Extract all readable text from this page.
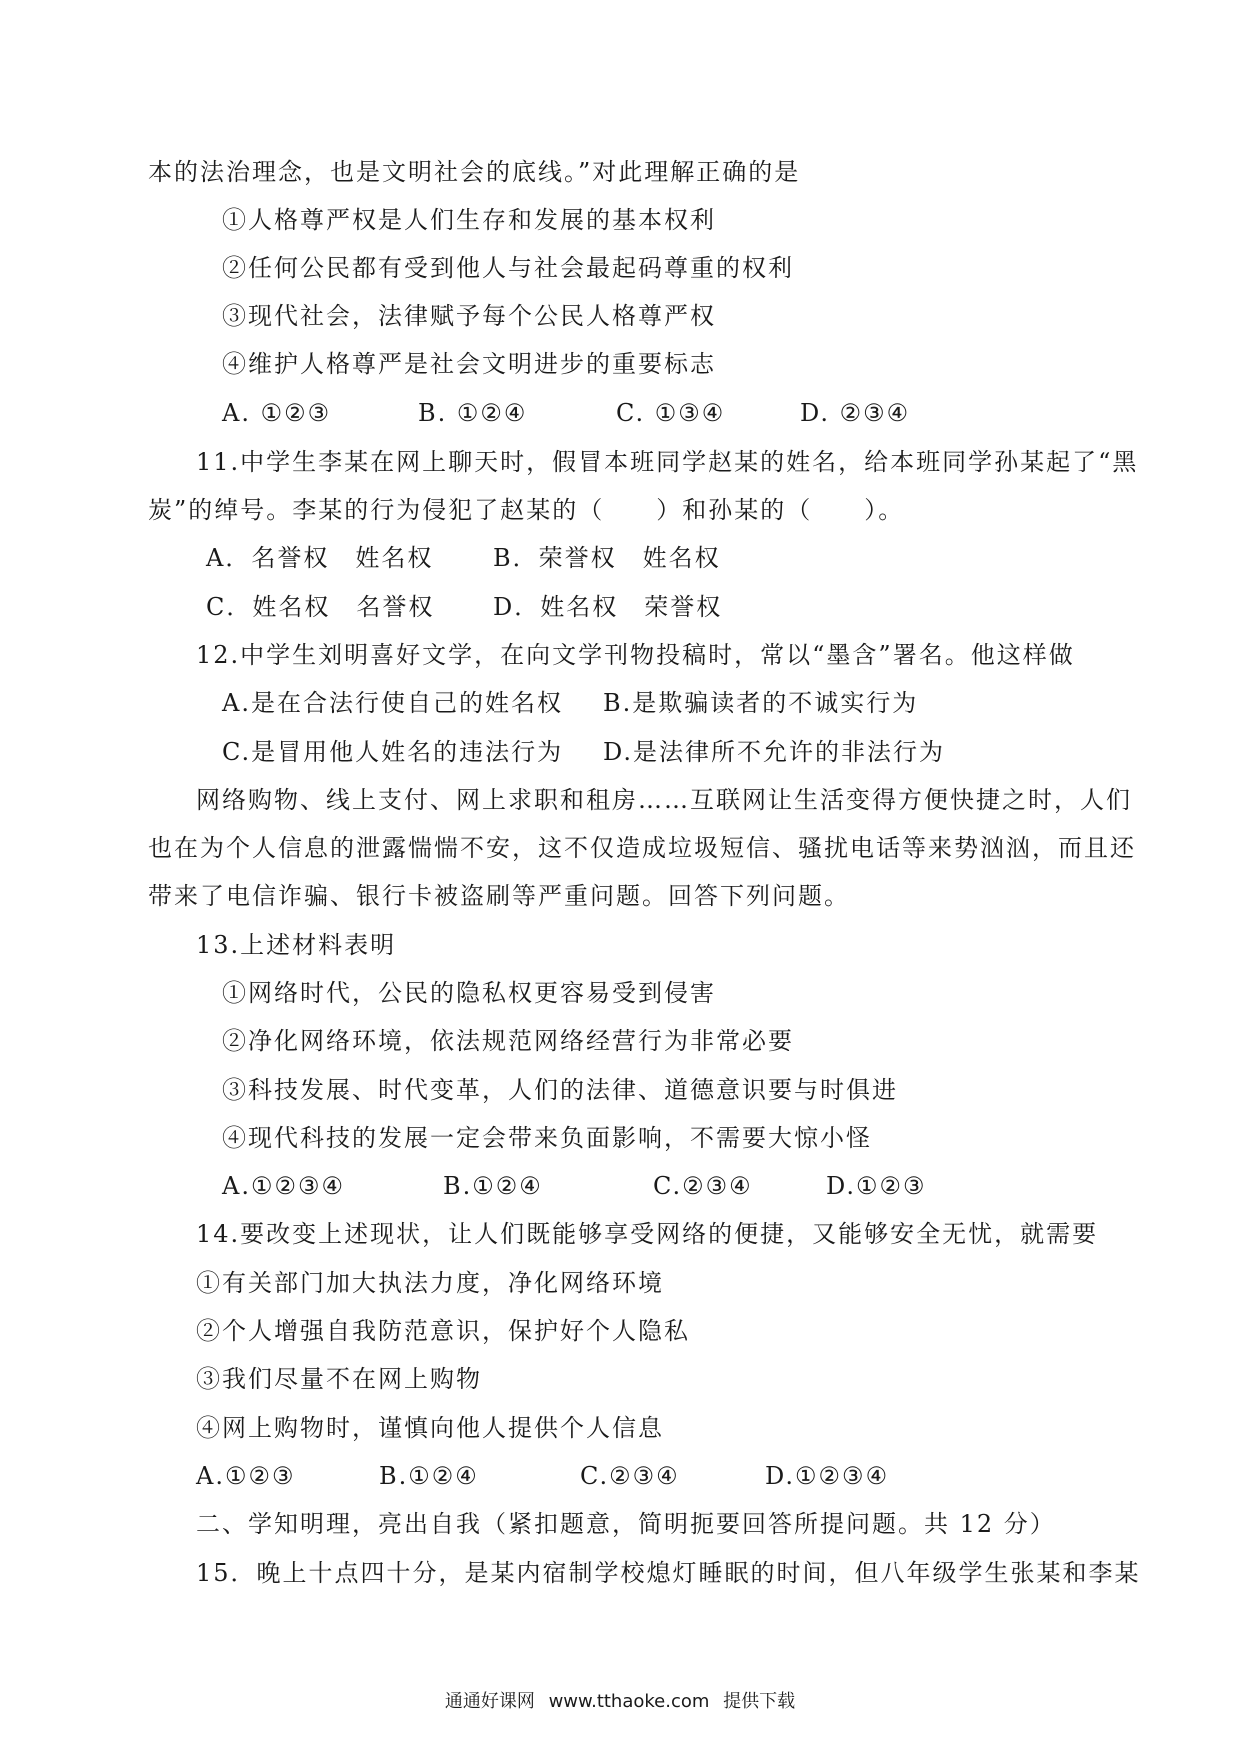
本的法治理念，也是文明社会的底线。”对此理解正确的是
①人格尊严权是人们生存和发展的基本权利
②任何公民都有受到他人与社会最起码尊重的权利
③现代社会，法律赋予每个公民人格尊严权
④维护人格尊严是社会文明进步的重要标志
A. ①②③	B. ①②④	C. ①③④	D. ②③④
11.中学生李某在网上聊天时，假冒本班同学赵某的姓名，给本班同学孙某起了“黑
炭”的绰号。李某的行为侵犯了赵某的（　　）和孙某的（　　）。
A．名誉权　姓名权 B．荣誉权　姓名权
C．姓名权　名誉权 D．姓名权　荣誉权
12.中学生刘明喜好文学，在向文学刊物投稿时，常以“墨含”署名。他这样做
A.是在合法行使自己的姓名权 B.是欺骗读者的不诚实行为
C.是冒用他人姓名的违法行为 D.是法律所不允许的非法行为
网络购物、线上支付、网上求职和租房……互联网让生活变得方便快捷之时，人们
也在为个人信息的泄露惴惴不安，这不仅造成垃圾短信、骚扰电话等来势汹汹，而且还
带来了电信诈骗、银行卡被盗刷等严重问题。回答下列问题。
13.上述材料表明
①网络时代，公民的隐私权更容易受到侵害
②净化网络环境，依法规范网络经营行为非常必要
③科技发展、时代变革，人们的法律、道德意识要与时俱进
④现代科技的发展一定会带来负面影响，不需要大惊小怪
A.①②③④	B.①②④	C.②③④	D.①②③
14.要改变上述现状，让人们既能够享受网络的便捷，又能够安全无忧，就需要
①有关部门加大执法力度，净化网络环境
②个人增强自我防范意识，保护好个人隐私
③我们尽量不在网上购物
④网上购物时，谨慎向他人提供个人信息
A.①②③	B.①②④	C.②③④	D.①②③④
二、学知明理，亮出自我（紧扣题意，简明扼要回答所提问题。共 12 分）
15．晚上十点四十分，是某内宿制学校熄灯睡眠的时间，但八年级学生张某和李某
通通好课网 www.tthaoke.com 提供下载
